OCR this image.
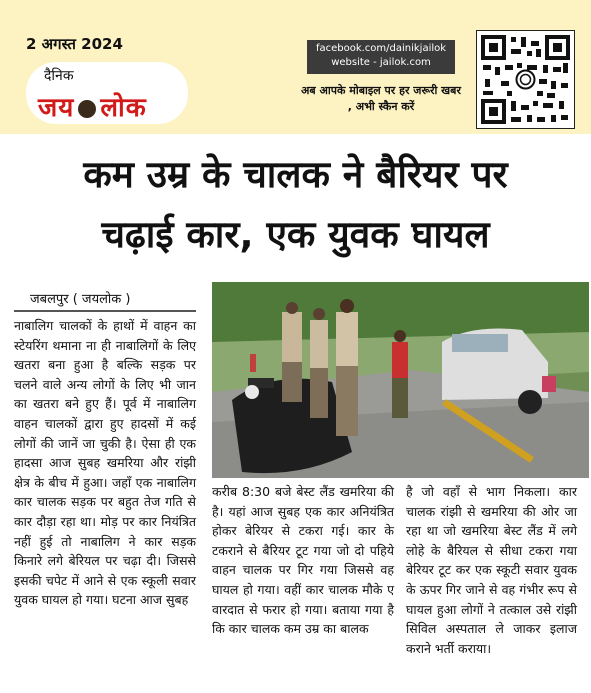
2 अगस्त 2024
दैनिक
जय लोक
facebook.com/dainikjailok
website - jailok.com
अब आपके मोबाइल पर हर जरूरी खबर , अभी स्कैन करें
कम उम्र के चालक ने बैरियर पर
चढ़ाई कार, एक युवक घायल
जबलपुर ( जयलोक )
नाबालिग चालकों के हाथों में वाहन का स्टेयरिंग थमाना ना ही नाबालिगों के लिए खतरा बना हुआ है बल्कि सड़क पर चलने वाले अन्य लोगों के लिए भी जान का खतरा बने हुए हैं। पूर्व में नाबालिग वाहन चालकों द्वारा हुए हादसों में कई लोगों की जानें जा चुकी है। ऐसा ही एक हादसा आज सुबह खमरिया और रांझी क्षेत्र के बीच में हुआ। जहाँ एक नाबालिग कार चालक सड़क पर बहुत तेज गति से कार दौड़ा रहा था। मोड़ पर कार नियंत्रित नहीं हुई तो नाबालिग ने कार सड़क किनारे लगे बेरियल पर चढ़ा दी। जिससे इसकी चपेट में आने से एक स्कूली सवार युवक घायल हो गया। घटना आज सुबह
करीब 8:30 बजे बेस्ट लैंड खमरिया की है। यहां आज सुबह एक कार अनियंत्रित होकर बेरियर से टकरा गई। कार के टकराने से बैरियर टूट गया जो दो पहिये वाहन चालक पर गिर गया जिससे वह घायल हो गया। वहीं कार चालक मौके ए वारदात से फरार हो गया। बताया गया है कि कार चालक कम उम्र का बालक
है जो वहाँ से भाग निकला। कार चालक रांझी से खमरिया की ओर जा रहा था जो खमरिया बेस्ट लैंड में लगे लोहे के बैरियल से सीधा टकरा गया बेरियर टूट कर एक स्कूटी सवार युवक के ऊपर गिर जाने से वह गंभीर रूप से घायल हुआ लोगों ने तत्काल उसे रांझी सिविल अस्पताल ले जाकर इलाज कराने भर्ती कराया।
